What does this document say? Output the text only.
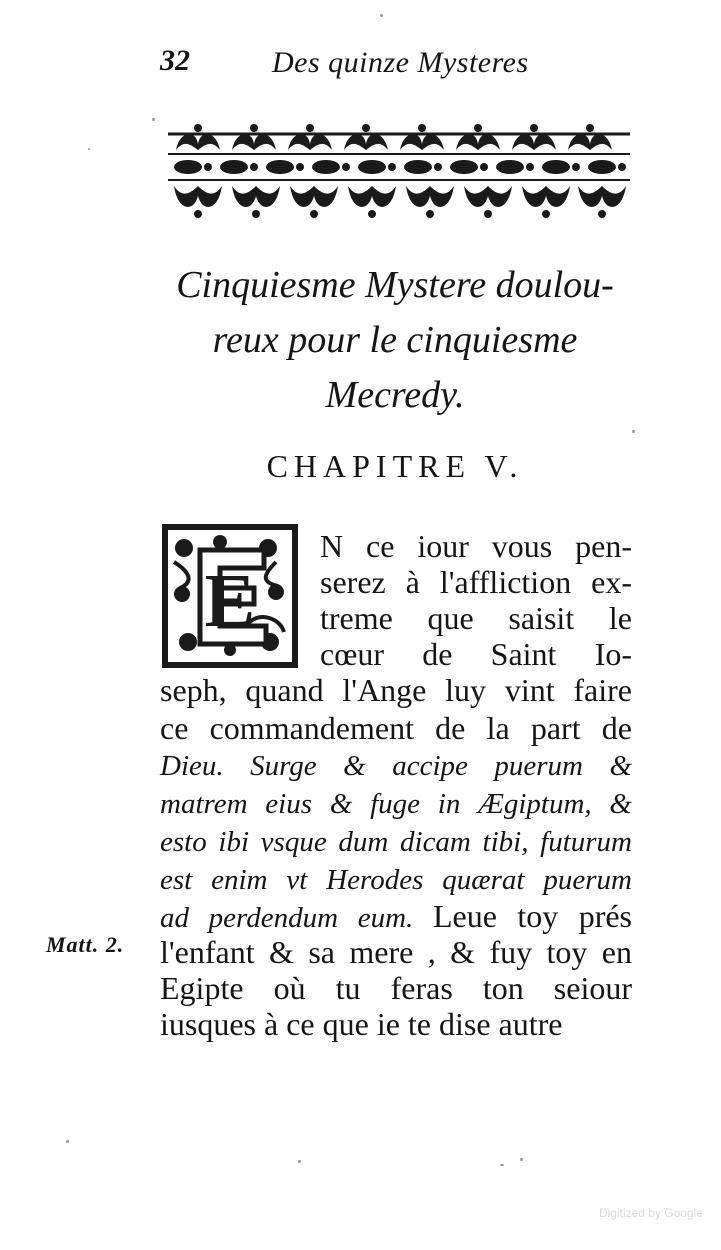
32	Des quinze Mysteres
Cinquiesme Mystere doulou-
reux pour le cinquiesme
Mecredy.
CHAPITRE V.
E
N ce iour vous pen-
serez à l'affliction ex-
treme que saisit le
cœur de Saint Io-
seph, quand l'Ange luy vint faire
ce commandement de la part de
Dieu. Surge & accipe puerum &
matrem eius & fuge in Ægiptum, &
esto ibi vsque dum dicam tibi, futurum
est enim vt Herodes quærat puerum
ad perdendum eum. Leue toy prés
l'enfant & sa mere , & fuy toy en
Egipte où tu feras ton seiour
iusques à ce que ie te dise autre
Matt. 2.
Digitized by Google
